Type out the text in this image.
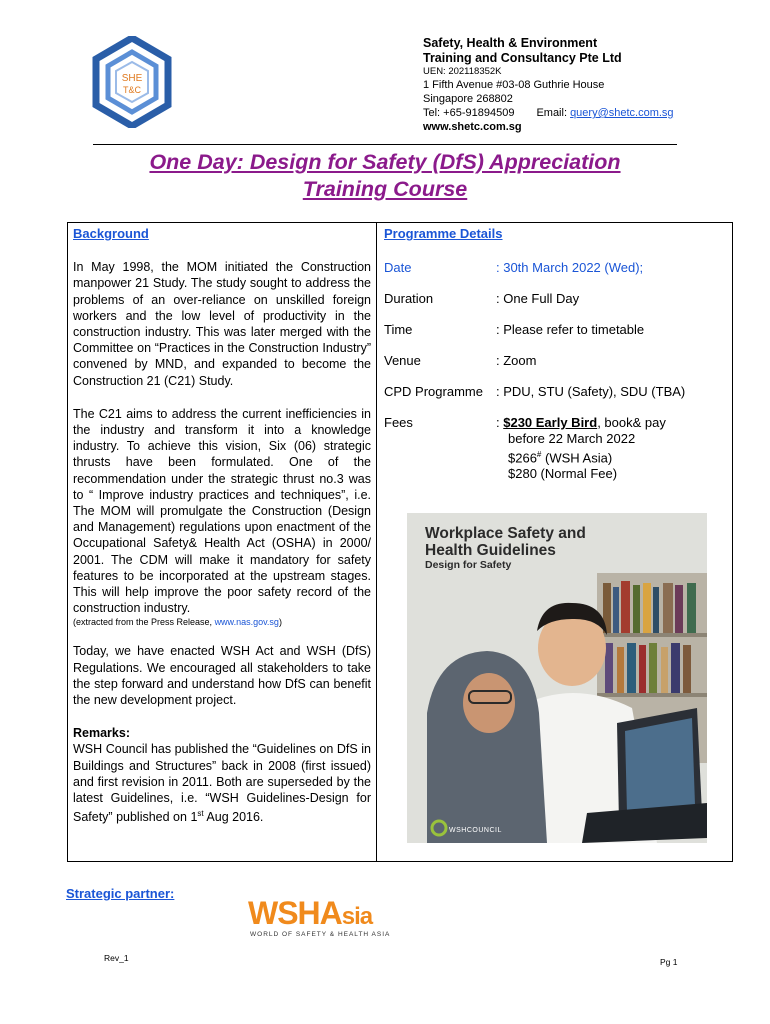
SHE
T&C
Safety, Health & Environment
Training and Consultancy Pte Ltd
UEN: 202118352K
1 Fifth Avenue #03-08 Guthrie House
Singapore 268802
Tel: +65-91894509 Email: query@shetc.com.sg
www.shetc.com.sg
One Day: Design for Safety (DfS) Appreciation
Training Course

Background

In May 1998, the MOM initiated the Construction manpower 21 Study. The study sought to address the problems of an over-reliance on unskilled foreign workers and the low level of productivity in the construction industry. This was later merged with the Committee on “Practices in the Construction Industry” convened by MND, and expanded to become the Construction 21 (C21) Study.

The C21 aims to address the current inefficiencies in the industry and transform it into a knowledge industry. To achieve this vision, Six (06) strategic thrusts have been formulated. One of the recommendation under the strategic thrust no.3 was to “ Improve industry practices and techniques”, i.e. The MOM will promulgate the Construction (Design and Management) regulations upon enactment of the Occupational Safety& Health Act (OSHA) in 2000/ 2001. The CDM will make it mandatory for safety features to be incorporated at the upstream stages. This will help improve the poor safety record of the construction industry.

(extracted from the Press Release, www.nas.gov.sg)

Today, we have enacted WSH Act and WSH (DfS) Regulations. We encouraged all stakeholders to take the step forward and understand how DfS can benefit the new development project.

Remarks:

WSH Council has published the “Guidelines on DfS in Buildings and Structures” back in 2008 (first issued) and first revision in 2011. Both are superseded by the latest Guidelines, i.e. “WSH Guidelines-Design for Safety” published on 1st Aug 2016.

Programme Details

Date	: 30th March 2022 (Wed);
Duration	: One Full Day
Time	: Please refer to timetable
Venue	: Zoom
CPD Programme	: PDU, STU (Safety), SDU (TBA)
Fees	: $230 Early Bird, book& pay
before 22 March 2022
$266# (WSH Asia)
$280 (Normal Fee)
Workplace Safety and
Health Guidelines
Design for Safety
WSHCOUNCIL
Strategic partner:
WSHAsia
WORLD OF SAFETY & HEALTH ASIA
Rev_1	Pg 1
